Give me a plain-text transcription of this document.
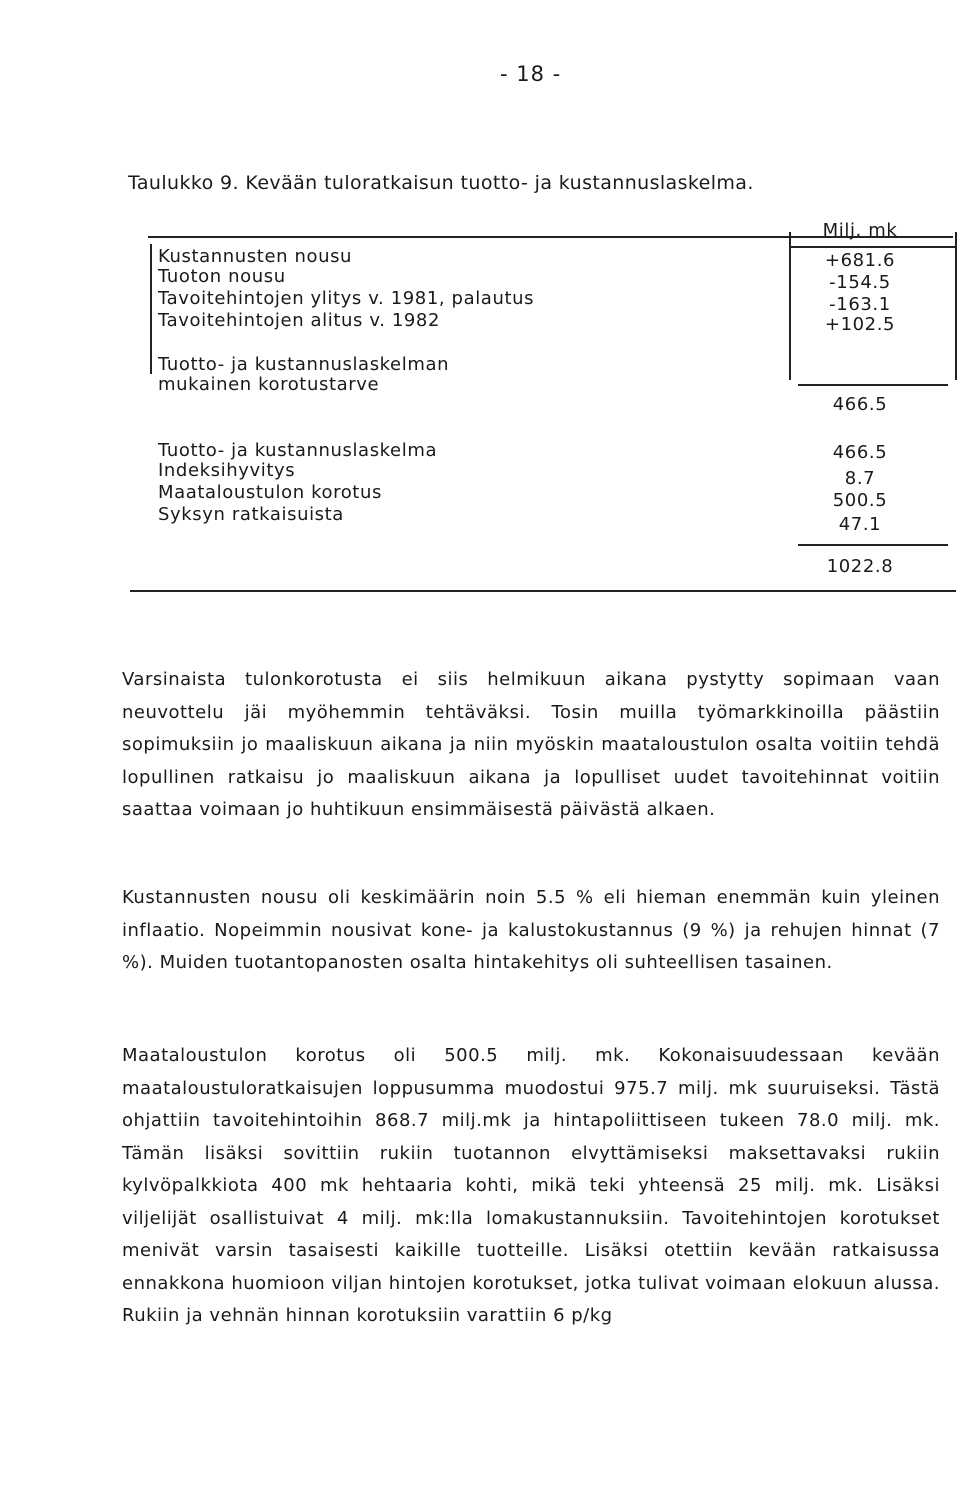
- 18 -
Taulukko 9. Kevään tuloratkaisun tuotto- ja kustannuslaskelma.
Milj. mk
Kustannusten nousu	+681.6
Tuoton nousu	-154.5
Tavoitehintojen ylitys v. 1981, palautus	-163.1
Tavoitehintojen alitus v. 1982	+102.5
Tuotto- ja kustannuslaskelman
mukainen korotustarve
466.5
Tuotto- ja kustannuslaskelma	466.5
Indeksihyvitys	8.7
Maataloustulon korotus	500.5
Syksyn ratkaisuista	47.1
1022.8

Varsinaista tulonkorotusta ei siis helmikuun aikana pystytty sopimaan vaan neuvottelu jäi myöhemmin tehtäväksi. Tosin muilla työmarkkinoilla päästiin sopimuksiin jo maaliskuun aikana ja niin myöskin maataloustulon osalta voitiin tehdä lopullinen ratkaisu jo maaliskuun aikana ja lopulliset uudet tavoitehinnat voitiin saattaa voimaan jo huhtikuun ensimmäisestä päivästä alkaen.

Kustannusten nousu oli keskimäärin noin 5.5 % eli hieman enemmän kuin yleinen inflaatio. Nopeimmin nousivat kone- ja kalustokustannus (9 %) ja rehujen hinnat (7 %). Muiden tuotantopanosten osalta hintakehitys oli suhteellisen tasainen.

Maataloustulon korotus oli 500.5 milj. mk. Kokonaisuudessaan kevään maataloustuloratkaisujen loppusumma muodostui 975.7 milj. mk suuruiseksi. Tästä ohjattiin tavoitehintoihin 868.7 milj.mk ja hintapoliittiseen tukeen 78.0 milj. mk. Tämän lisäksi sovittiin rukiin tuotannon elvyttämiseksi maksettavaksi rukiin kylvöpalkkiota 400 mk hehtaaria kohti, mikä teki yhteensä 25 milj. mk. Lisäksi viljelijät osallistuivat 4 milj. mk:lla lomakustannuksiin. Tavoitehintojen korotukset menivät varsin tasaisesti kaikille tuotteille. Lisäksi otettiin kevään ratkaisussa ennakkona huomioon viljan hintojen korotukset, jotka tulivat voimaan elokuun alussa. Rukiin ja vehnän hinnan korotuksiin varattiin 6 p/kg
